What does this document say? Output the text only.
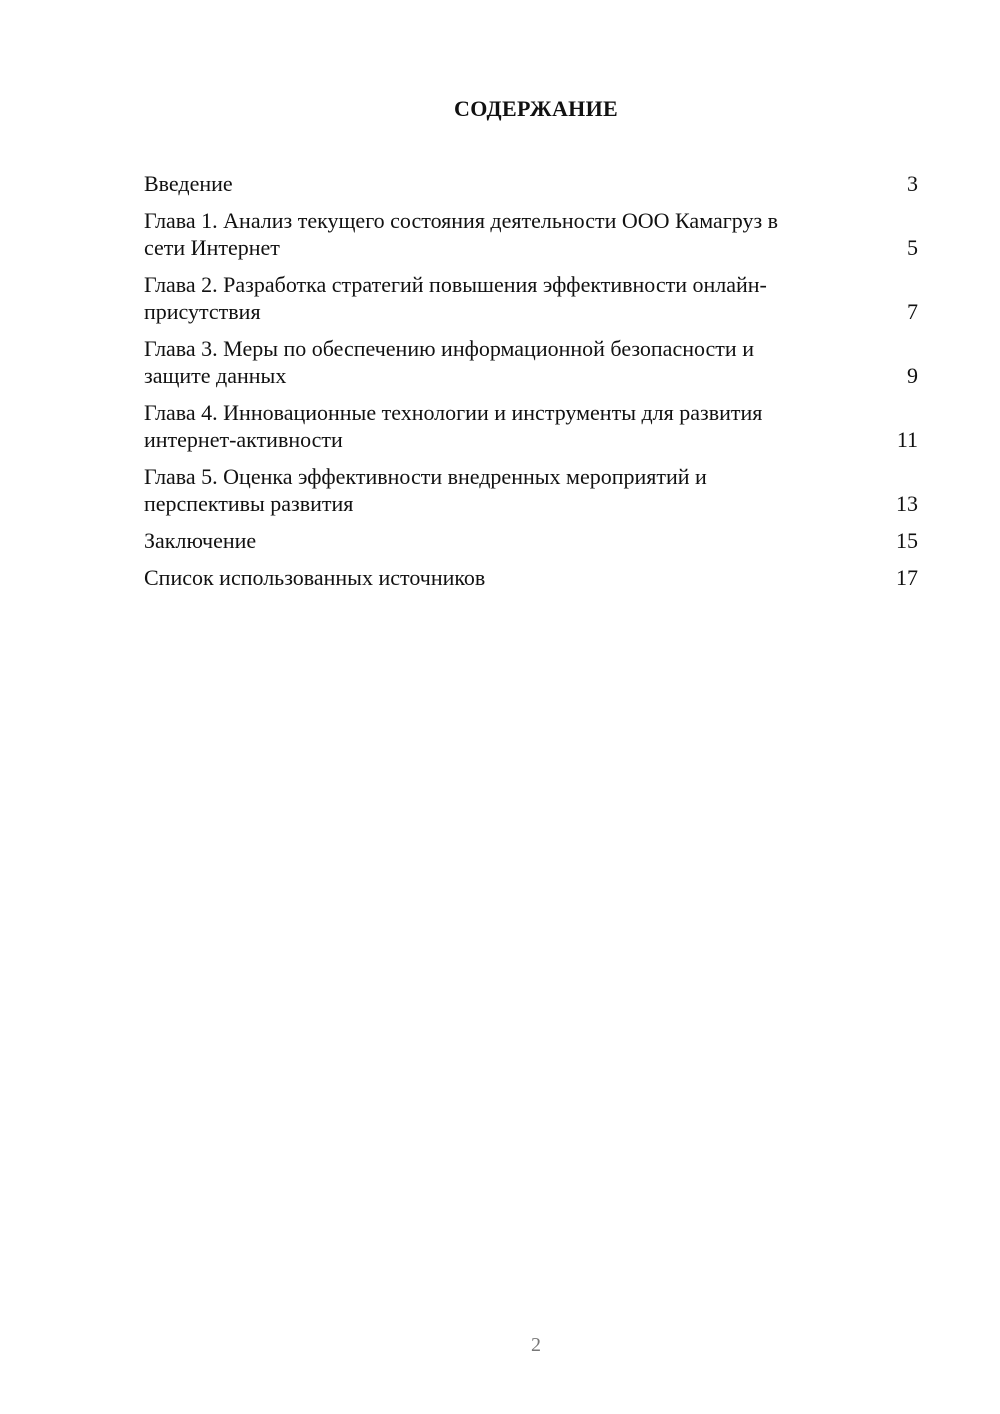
СОДЕРЖАНИЕ
Введение	3
Глава 1. Анализ текущего состояния деятельности ООО Камагруз в сети Интернет	5
Глава 2. Разработка стратегий повышения эффективности онлайн-присутствия	7
Глава 3. Меры по обеспечению информационной безопасности и защите данных	9
Глава 4. Инновационные технологии и инструменты для развития интернет-активности	11
Глава 5. Оценка эффективности внедренных мероприятий и перспективы развития	13
Заключение	15
Список использованных источников	17
2
